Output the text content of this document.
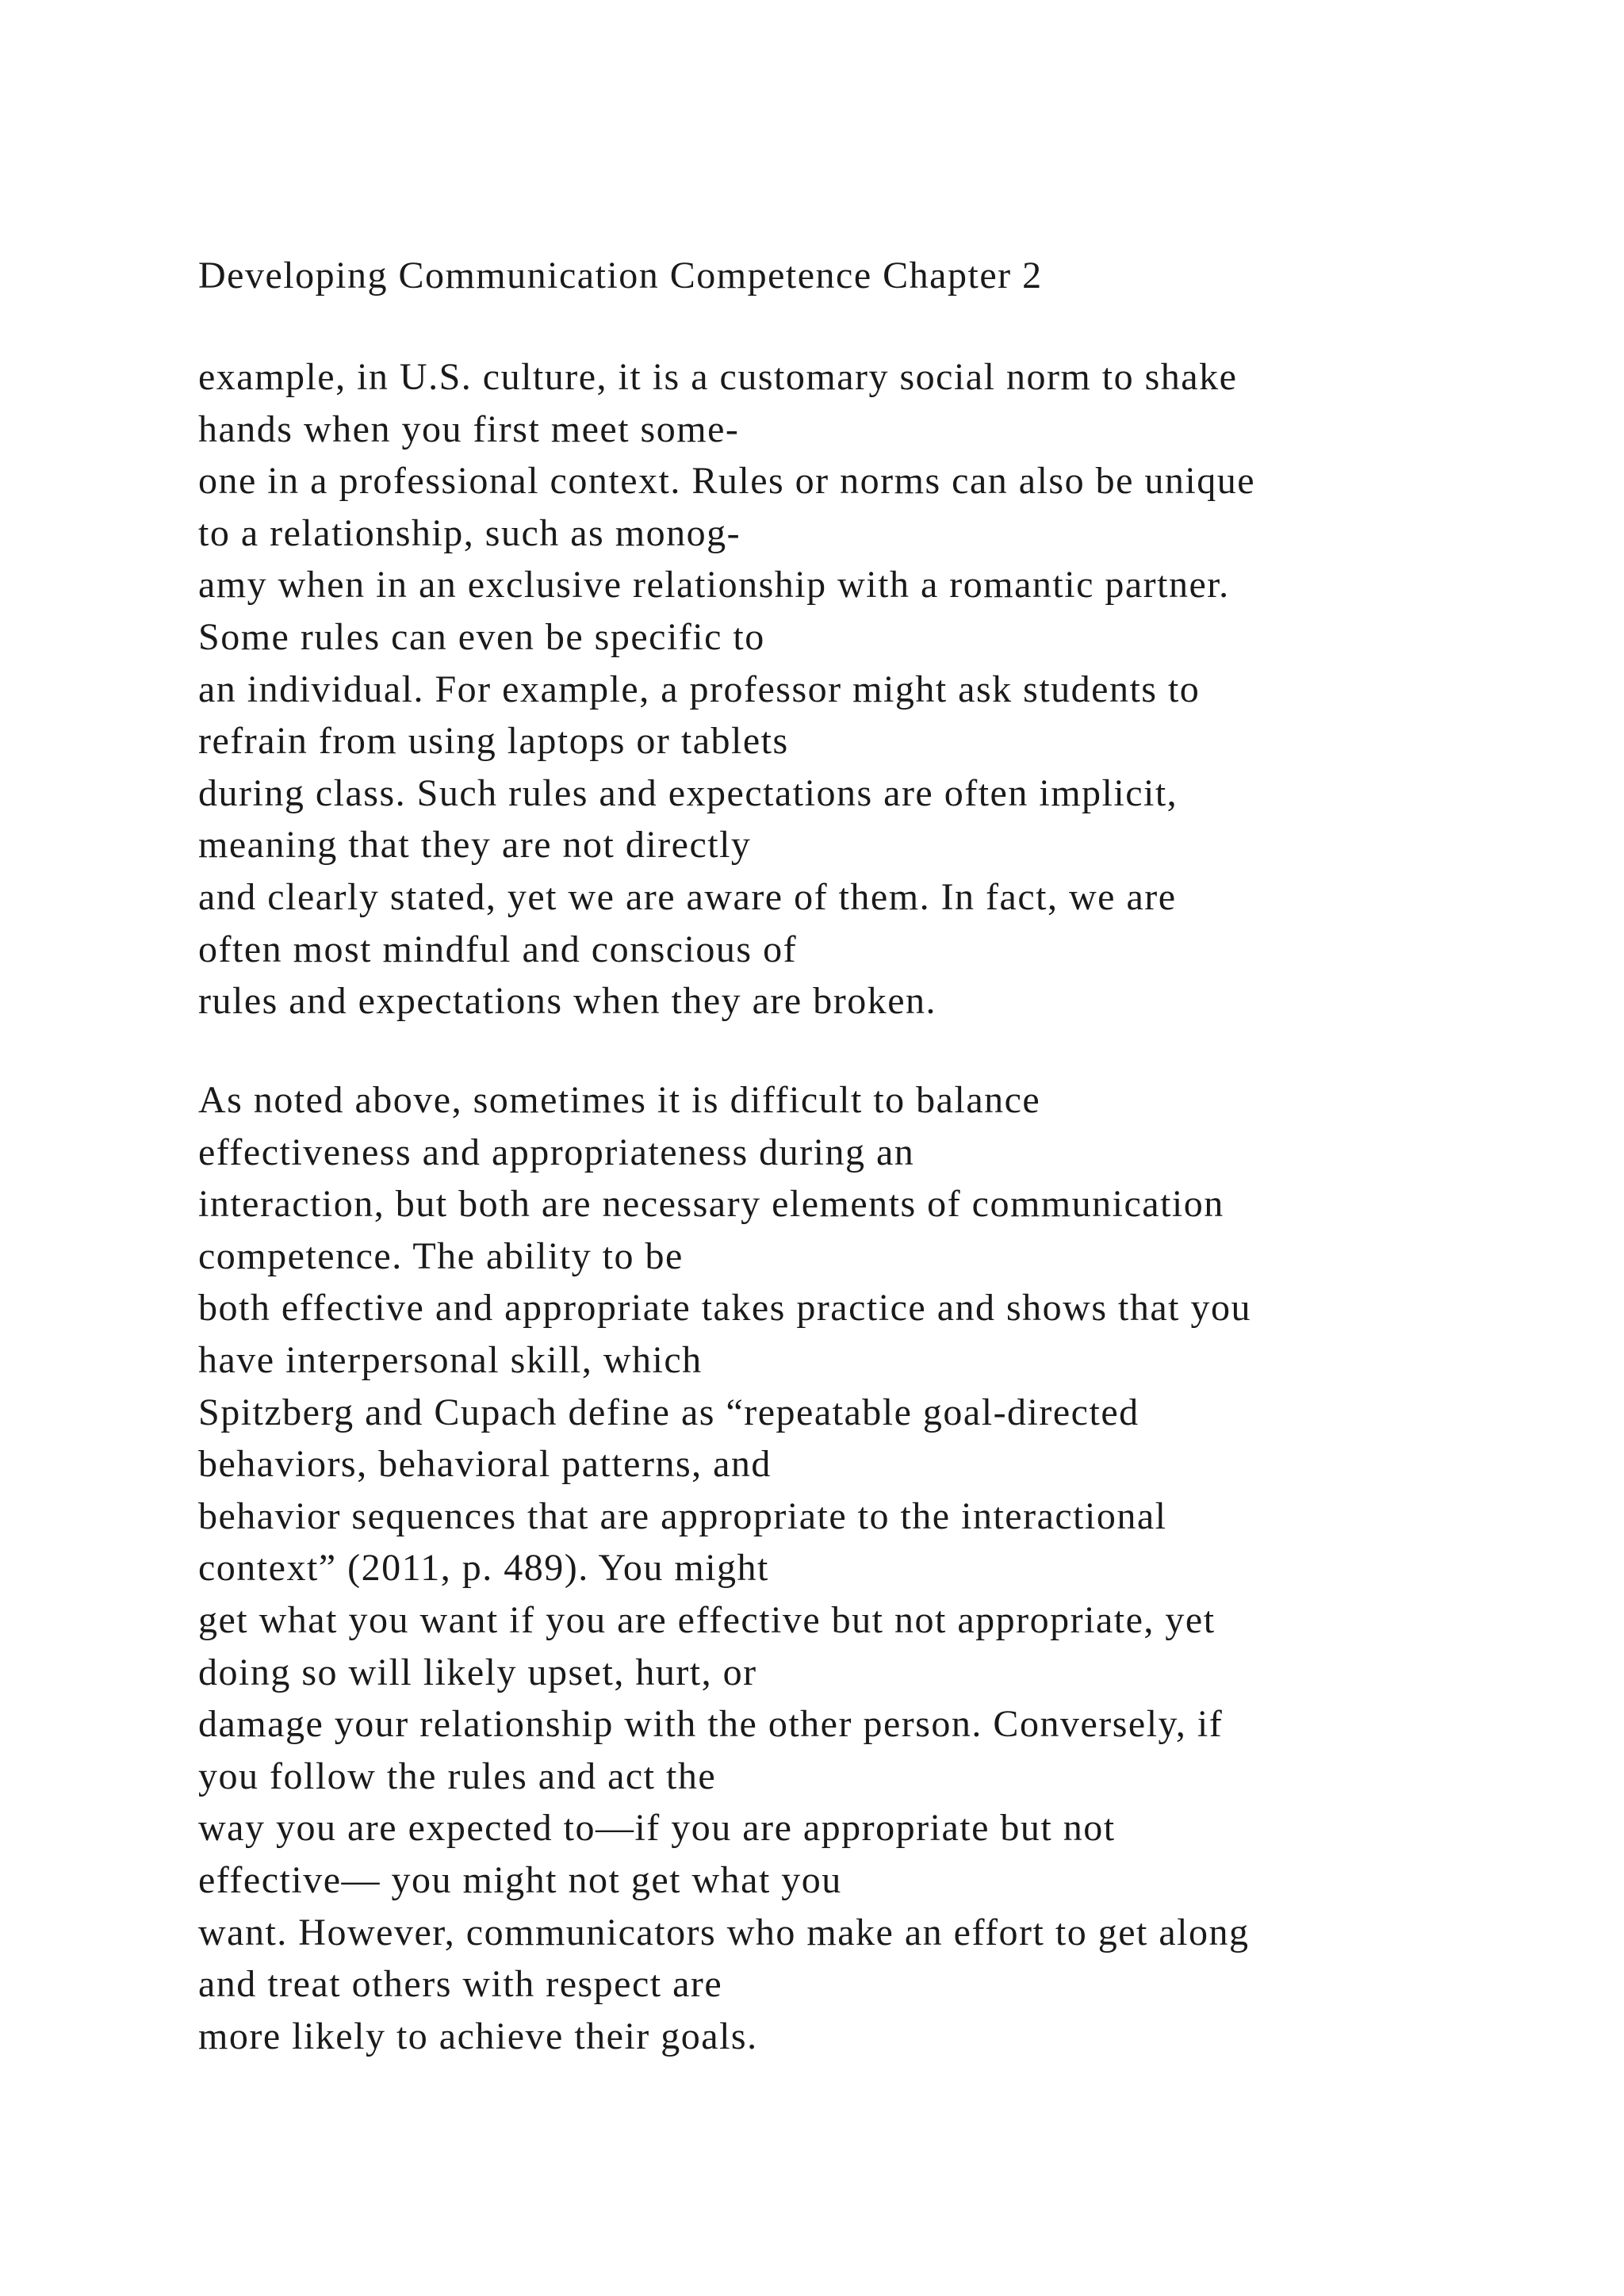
Developing Communication Competence Chapter 2
example, in U.S. culture, it is a customary social norm to shake
hands when you first meet some-
one in a professional context. Rules or norms can also be unique
to a relationship, such as monog-
amy when in an exclusive relationship with a romantic partner.
Some rules can even be specific to
an individual. For example, a professor might ask students to
refrain from using laptops or tablets
during class. Such rules and expectations are often implicit,
meaning that they are not directly
and clearly stated, yet we are aware of them. In fact, we are
often most mindful and conscious of
rules and expectations when they are broken.
As noted above, sometimes it is difficult to balance
effectiveness and appropriateness during an
interaction, but both are necessary elements of communication
competence. The ability to be
both effective and appropriate takes practice and shows that you
have interpersonal skill, which
Spitzberg and Cupach define as “repeatable goal-directed
behaviors, behavioral patterns, and
behavior sequences that are appropriate to the interactional
context” (2011, p. 489). You might
get what you want if you are effective but not appropriate, yet
doing so will likely upset, hurt, or
damage your relationship with the other person. Conversely, if
you follow the rules and act the
way you are expected to—if you are appropriate but not
effective— you might not get what you
want. However, communicators who make an effort to get along
and treat others with respect are
more likely to achieve their goals.
